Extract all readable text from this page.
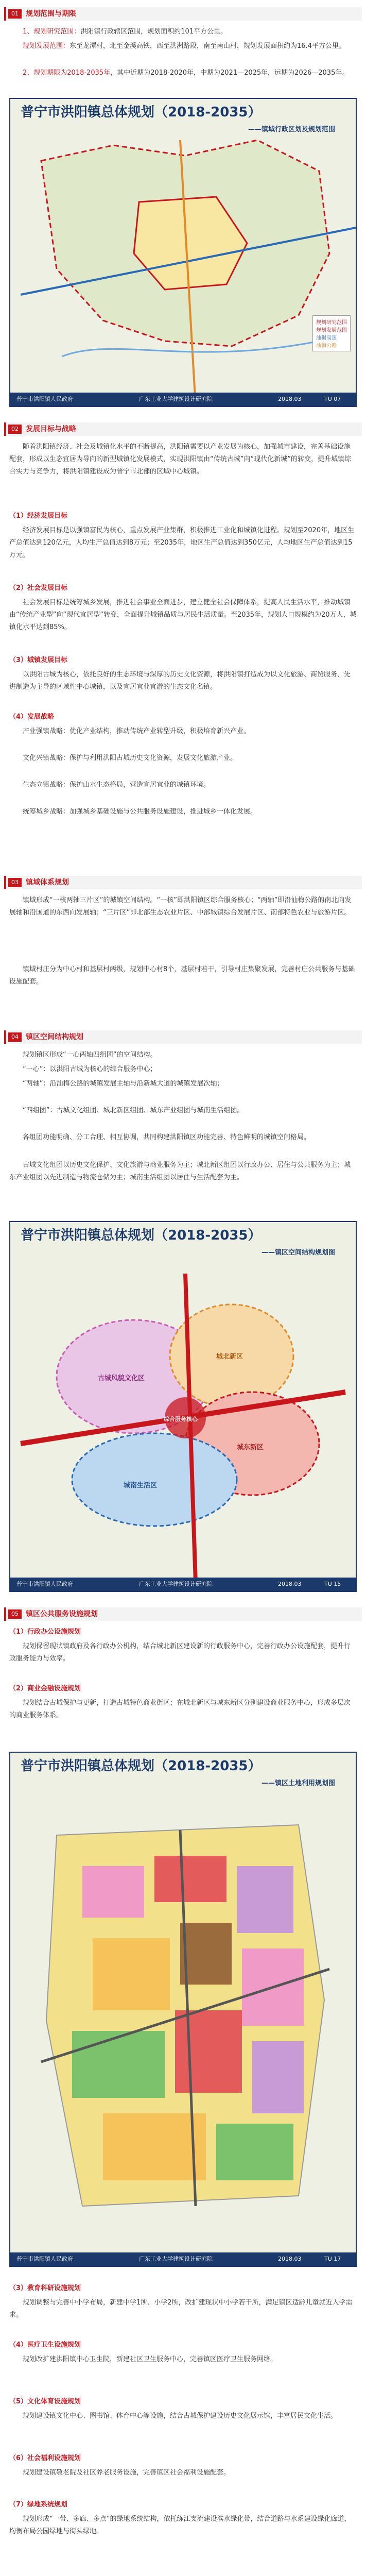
01	规划范围与期限

1、规划研究范围：洪阳镇行政辖区范围，规划面积约101平方公里。

规划发展范围：东至龙潭村，北至金溪高铁，西至洪洲路段，南至南山村，规划发展面积约为16.4平方公里。

2、规划期限为2018-2035年，其中近期为2018-2020年，中期为2021—2025年，远期为2026—2035年。

普宁市洪阳镇总体规划（2018-2035）
——镇域行政区划及规划范围
规划研究范围
规划发展范围
汕揭高速
汕梅公路
普宁市洪阳镇人民政府	广东工业大学建筑设计研究院	2018.03	TU 07
02	发展目标与战略

随着洪阳镇经济、社会及城镇化水平的不断提高，洪阳镇需要以产业发展为核心，加强城市建设，完善基础设施配套，形成以生态宜居为导向的新型城镇化发展模式，实现洪阳镇由“传统古城”向“现代化新城”的转变，提升城镇综合实力与竞争力，将洪阳镇建设成为普宁市北部的区域中心城镇。

（1）经济发展目标

经济发展目标是以强镇富民为核心，重点发展产业集群，积极推进工业化和城镇化进程。规划至2020年，地区生产总值达到120亿元，人均生产总值达到8万元；至2035年，地区生产总值达到350亿元，人均地区生产总值达到15万元。

（2）社会发展目标

社会发展目标是统筹城乡发展，推进社会事业全面进步，建立健全社会保障体系，提高人民生活水平，推动城镇由“传统产业型”向“现代宜居型”转变，全面提升城镇品质与居民生活质量。至2035年，规划人口规模约为20万人，城镇化水平达到85%。

（3）城镇发展目标

以洪阳古城为核心，依托良好的生态环境与深厚的历史文化资源，将洪阳镇打造成为以文化旅游、商贸服务、先进制造为主导的区域性中心城镇，以及宜居宜业宜游的生态文化名镇。

（4）发展战略

产业强镇战略：优化产业结构，推动传统产业转型升级，积极培育新兴产业。

文化兴镇战略：保护与利用洪阳古城历史文化资源，发展文化旅游产业。

生态立镇战略：保护山水生态格局，营造宜居宜业的城镇环境。

统筹城乡战略：加强城乡基础设施与公共服务设施建设，推进城乡一体化发展。

03	镇域体系规划

镇域形成“一核两轴三片区”的城镇空间结构。“一核”即洪阳镇区综合服务核心；“两轴”即沿汕梅公路的南北向发展轴和沿国道的东西向发展轴；“三片区”即北部生态农业片区、中部城镇综合发展片区、南部特色农业与旅游片区。

镇域村庄分为中心村和基层村两级，规划中心村8个，基层村若干，引导村庄集聚发展，完善村庄公共服务与基础设施配套。

04	镇区空间结构规划

规划镇区形成“一心两轴四组团”的空间结构。

“一心”：以洪阳古城为核心的综合服务中心；

“两轴”：沿汕梅公路的城镇发展主轴与沿新城大道的城镇发展次轴；

“四组团”：古城文化组团、城北新区组团、城东产业组团与城南生活组团。

各组团功能明确、分工合理、相互协调，共同构建洪阳镇区功能完善、特色鲜明的城镇空间格局。

古城文化组团以历史文化保护、文化旅游与商业服务为主；城北新区组团以行政办公、居住与公共服务为主；城东产业组团以先进制造与物流仓储为主；城南生活组团以居住与生活配套为主。

普宁市洪阳镇总体规划（2018-2035）
——镇区空间结构规划图
古城风貌文化区
城北新区
城东新区
城南生活区
综合服务核心
普宁市洪阳镇人民政府	广东工业大学建筑设计研究院	2018.03	TU 15
05	镇区公共服务设施规划
（1）行政办公设施规划

规划保留现状镇政府及各行政办公机构，结合城北新区建设新的行政服务中心，完善行政办公设施配套，提升行政服务能力与效率。

（2）商业金融设施规划

规划结合古城保护与更新，打造古城特色商业街区；在城北新区与城东新区分别建设商业服务中心，形成多层次的商业服务体系。

普宁市洪阳镇总体规划（2018-2035）
——镇区土地利用规划图
普宁市洪阳镇人民政府	广东工业大学建筑设计研究院	2018.03	TU 17
（3）教育科研设施规划

规划调整与完善中小学布局，新建中学1所、小学2所，改扩建现状中小学若干所，满足镇区适龄儿童就近入学需求。

（4）医疗卫生设施规划

规划改扩建洪阳镇中心卫生院，新建社区卫生服务中心，完善镇区医疗卫生服务网络。

（5）文化体育设施规划

规划建设镇文化中心、图书馆、体育中心等设施，结合古城保护建设历史文化展示馆，丰富居民文化生活。

（6）社会福利设施规划

规划建设镇敬老院及社区养老服务设施，完善镇区社会福利设施配套。

（7）绿地系统规划

规划形成“一带、多廊、多点”的绿地系统结构，依托练江支流建设滨水绿化带，结合道路与水系建设绿化廊道，均衡布局公园绿地与街头绿地。
